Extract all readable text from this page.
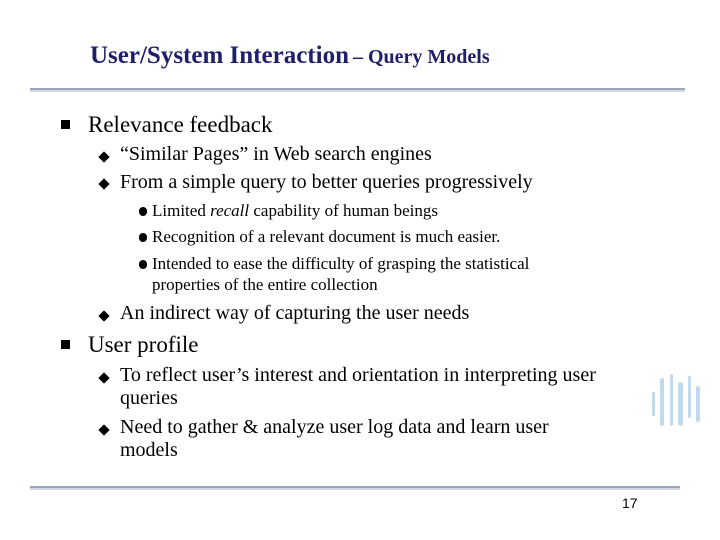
User/System Interaction – Query Models
Relevance feedback
“Similar Pages” in Web search engines
From a simple query to better queries progressively
Limited recall capability of human beings
Recognition of a relevant document is much easier.
Intended to ease the difficulty of grasping the statistical
properties of the entire collection
An indirect way of capturing the user needs
User profile
To reflect user’s interest and orientation in interpreting user
queries
Need to gather & analyze user log data and learn user
models
17
